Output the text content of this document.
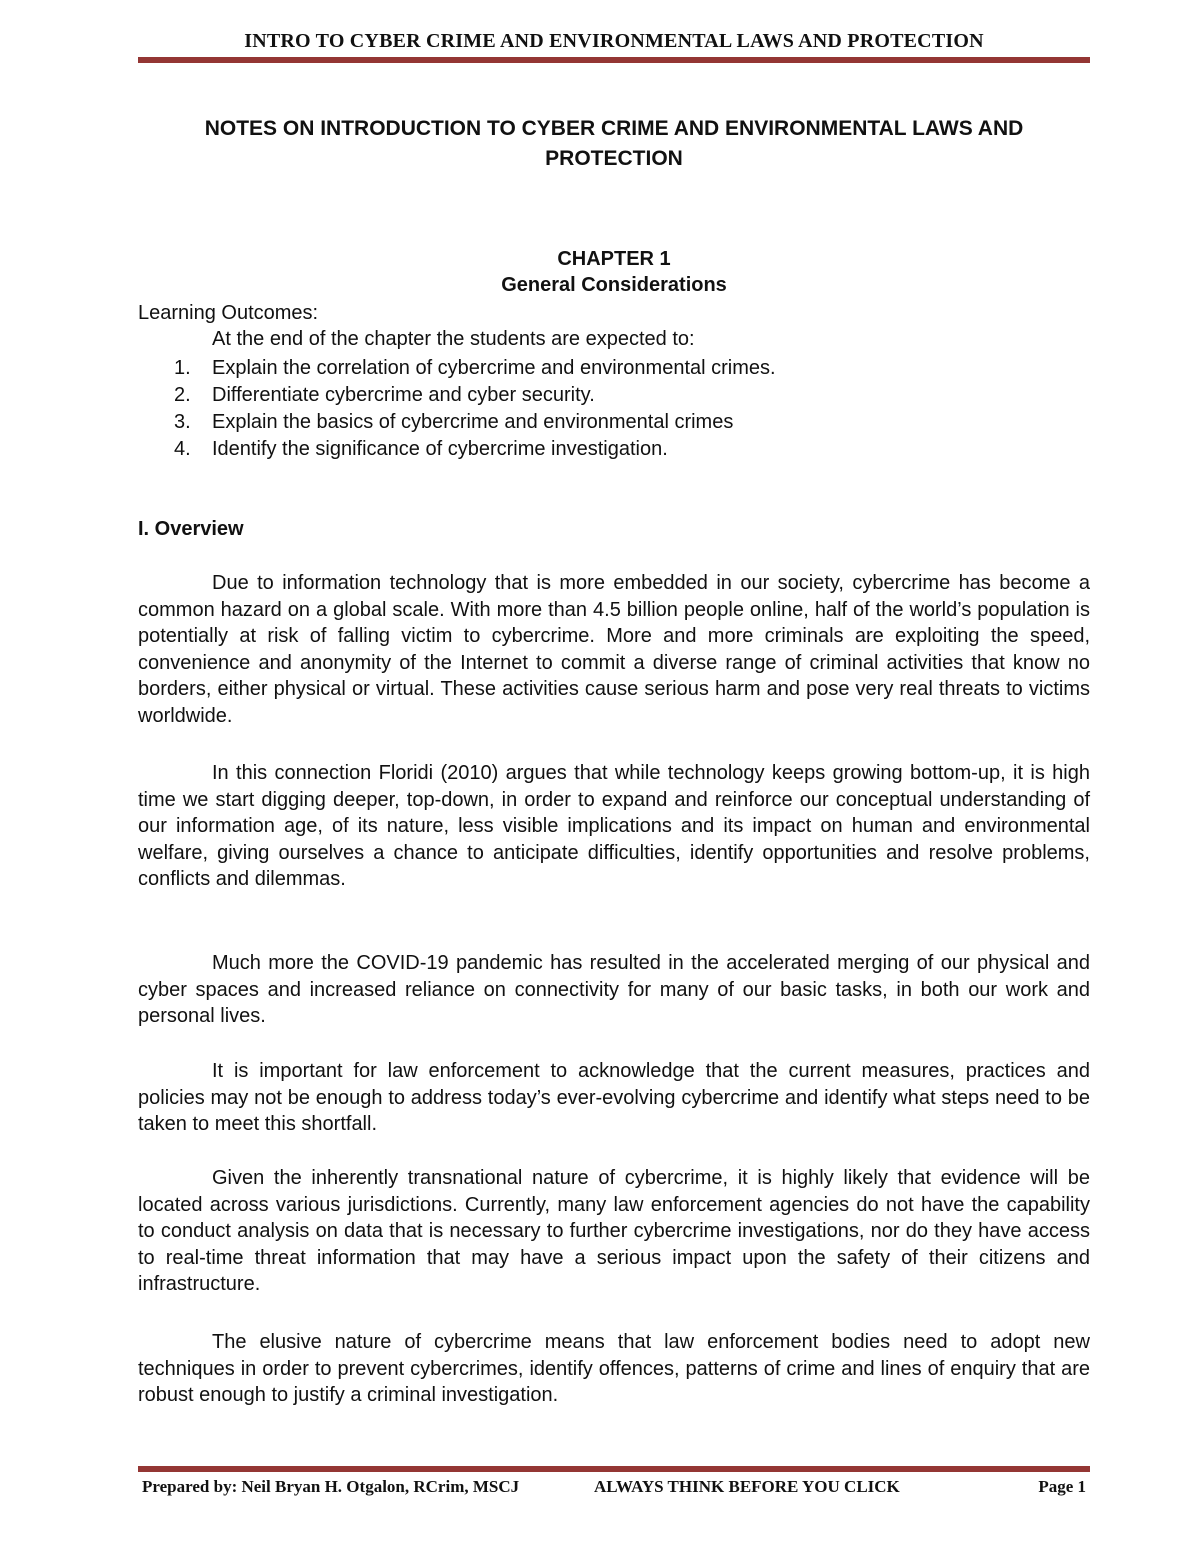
INTRO TO CYBER CRIME AND ENVIRONMENTAL LAWS AND PROTECTION
NOTES ON INTRODUCTION TO CYBER CRIME AND ENVIRONMENTAL LAWS AND
PROTECTION
CHAPTER 1
General Considerations
Learning Outcomes:
At the end of the chapter the students are expected to:
1.	Explain the correlation of cybercrime and environmental crimes.
2.	Differentiate cybercrime and cyber security.
3.	Explain the basics of cybercrime and environmental crimes
4.	Identify the significance of cybercrime investigation.
I. Overview

Due to information technology that is more embedded in our society, cybercrime has become a common hazard on a global scale. With more than 4.5 billion people online, half of the world’s population is potentially at risk of falling victim to cybercrime. More and more criminals are exploiting the speed, convenience and anonymity of the Internet to commit a diverse range of criminal activities that know no borders, either physical or virtual. These activities cause serious harm and pose very real threats to victims worldwide.

In this connection Floridi (2010) argues that while technology keeps growing bottom-up, it is high time we start digging deeper, top-down, in order to expand and reinforce our conceptual understanding of our information age, of its nature, less visible implications and its impact on human and environmental welfare, giving ourselves a chance to anticipate difficulties, identify opportunities and resolve problems, conflicts and dilemmas.

Much more the COVID-19 pandemic has resulted in the accelerated merging of our physical and cyber spaces and increased reliance on connectivity for many of our basic tasks, in both our work and personal lives.

It is important for law enforcement to acknowledge that the current measures, practices and policies may not be enough to address today’s ever-evolving cybercrime and identify what steps need to be taken to meet this shortfall.

Given the inherently transnational nature of cybercrime, it is highly likely that evidence will be located across various jurisdictions. Currently, many law enforcement agencies do not have the capability to conduct analysis on data that is necessary to further cybercrime investigations, nor do they have access to real-time threat information that may have a serious impact upon the safety of their citizens and infrastructure.

The elusive nature of cybercrime means that law enforcement bodies need to adopt new techniques in order to prevent cybercrimes, identify offences, patterns of crime and lines of enquiry that are robust enough to justify a criminal investigation.

Prepared by: Neil Bryan H. Otgalon, RCrim, MSCJ	ALWAYS THINK BEFORE YOU CLICK	Page 1
